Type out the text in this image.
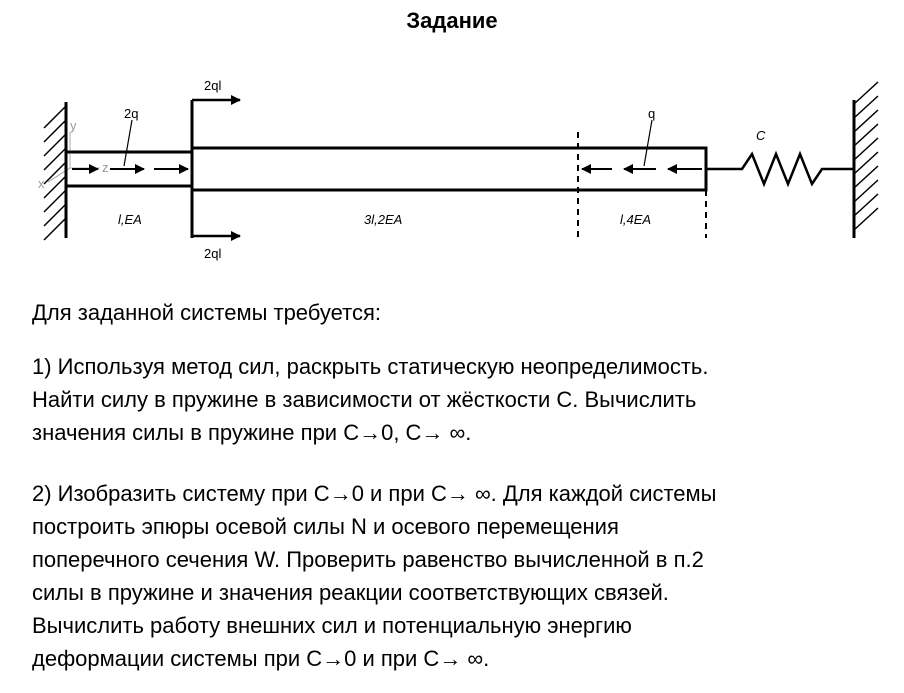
Задание
y
z
x
2ql
2ql
2q	q
C
l,EA	3l,2EA	l,4EA

Для заданной системы требуется:

1) Используя метод сил, раскрыть статическую неопределимость.

Найти силу в пружине в зависимости от жёсткости C. Вычислить

значения силы в пружине при C→0, C→ ∞.

2) Изобразить систему при C→0 и при C→ ∞. Для каждой системы

построить эпюры осевой силы N и осевого перемещения

поперечного сечения W. Проверить равенство вычисленной в п.2

силы в пружине и значения реакции соответствующих связей.

Вычислить работу внешних сил и потенциальную энергию

деформации системы при C→0 и при C→ ∞.
